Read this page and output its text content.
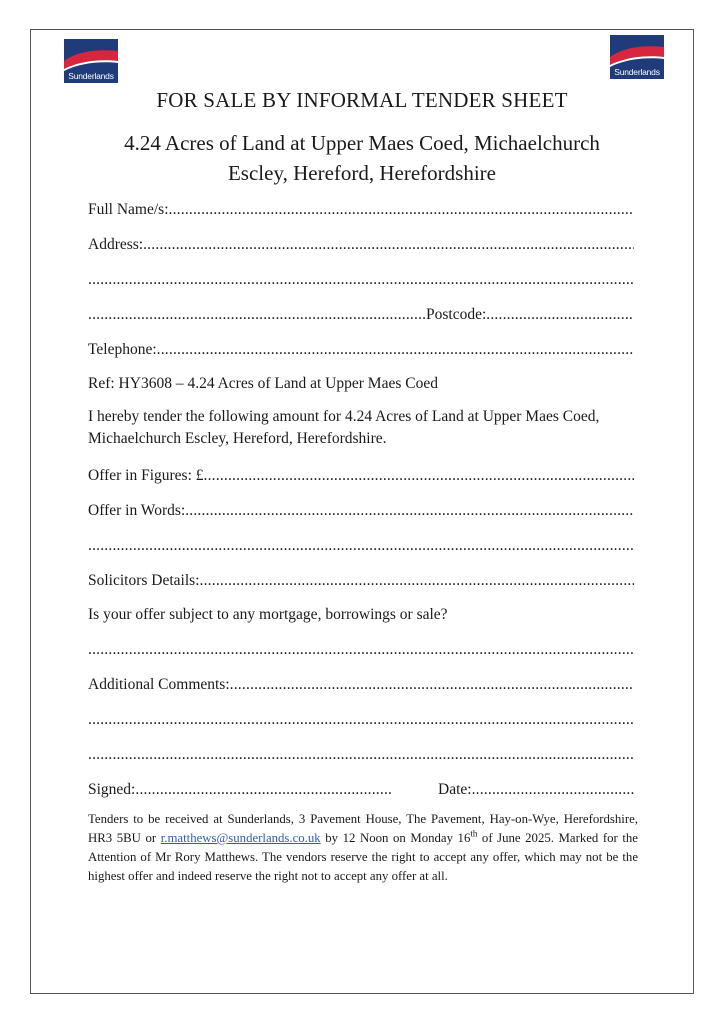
Sunderlands	Sunderlands
FOR SALE BY INFORMAL TENDER SHEET
4.24 Acres of Land at Upper Maes Coed, Michaelchurch
Escley, Hereford, Herefordshire
Full Name/s:
.....
Address:
.....
.....
.....
Postcode:
.....
Telephone:
.....
Ref: HY3608 – 4.24 Acres of Land at Upper Maes Coed
I hereby tender the following amount for 4.24 Acres of Land at Upper Maes Coed, Michaelchurch Escley, Hereford, Herefordshire.
Offer in Figures: £
.....
Offer in Words:
.....
.....
Solicitors Details:
.....
Is your offer subject to any mortgage, borrowings or sale?
.....
Additional Comments:
.....
.....
.....
Signed:
.....	Date:
.....
Tenders to be received at Sunderlands, 3 Pavement House, The Pavement, Hay-on-Wye, Herefordshire, HR3 5BU or r.matthews@sunderlands.co.uk by 12 Noon on Monday 16th of June 2025. Marked for the Attention of Mr Rory Matthews. The vendors reserve the right to accept any offer, which may not be the highest offer and indeed reserve the right not to accept any offer at all.
